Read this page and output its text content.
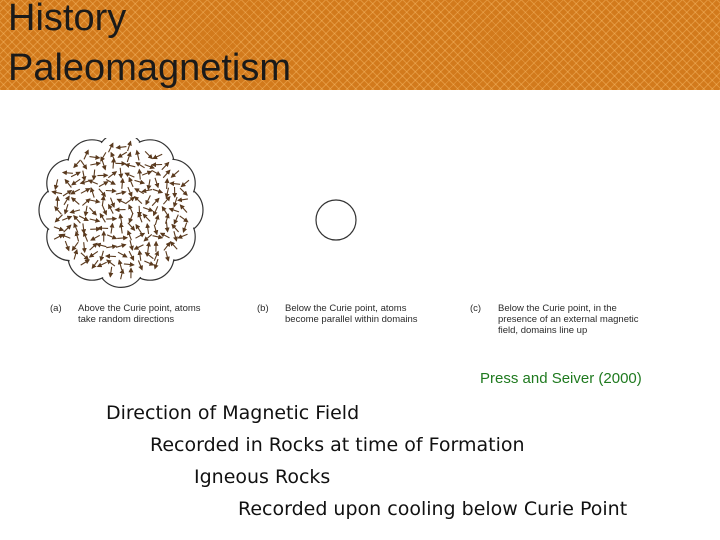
History
Paleomagnetism
(a) Above the Curie point, atoms
take random directions
(b) Below the Curie point, atoms
become parallel within domains
(c) Below the Curie point, in the
presence of an external magnetic
field, domains line up
Press and Seiver (2000)

Direction of Magnetic Field

Recorded in Rocks at time of Formation

Igneous Rocks

Recorded upon cooling below Curie Point
